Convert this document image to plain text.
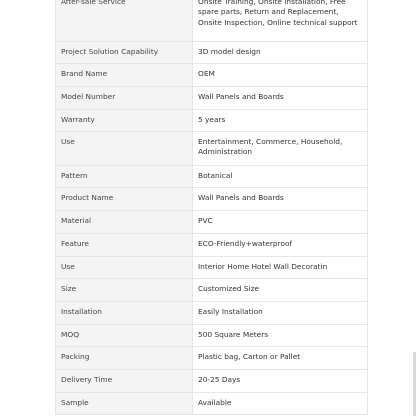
After-sale Service	Onsite Training, Onsite Installation, Free spare parts, Return and Replacement, Onsite Inspection, Online technical support
Project Solution Capability	3D model design
Brand Name	OEM
Model Number	Wall Panels and Boards
Warranty	5 years
Use	Entertainment, Commerce, Household, Administration
Pattern	Botanical
Product Name	Wall Panels and Boards
Material	PVC
Feature	ECO-Friendly+waterproof
Use	Interior Home Hotel Wall Decoratin
Size	Customized Size
Installation	Easily Installation
MOQ	500 Square Meters
Packing	Plastic bag, Carton or Pallet
Delivery Time	20-25 Days
Sample	Available
